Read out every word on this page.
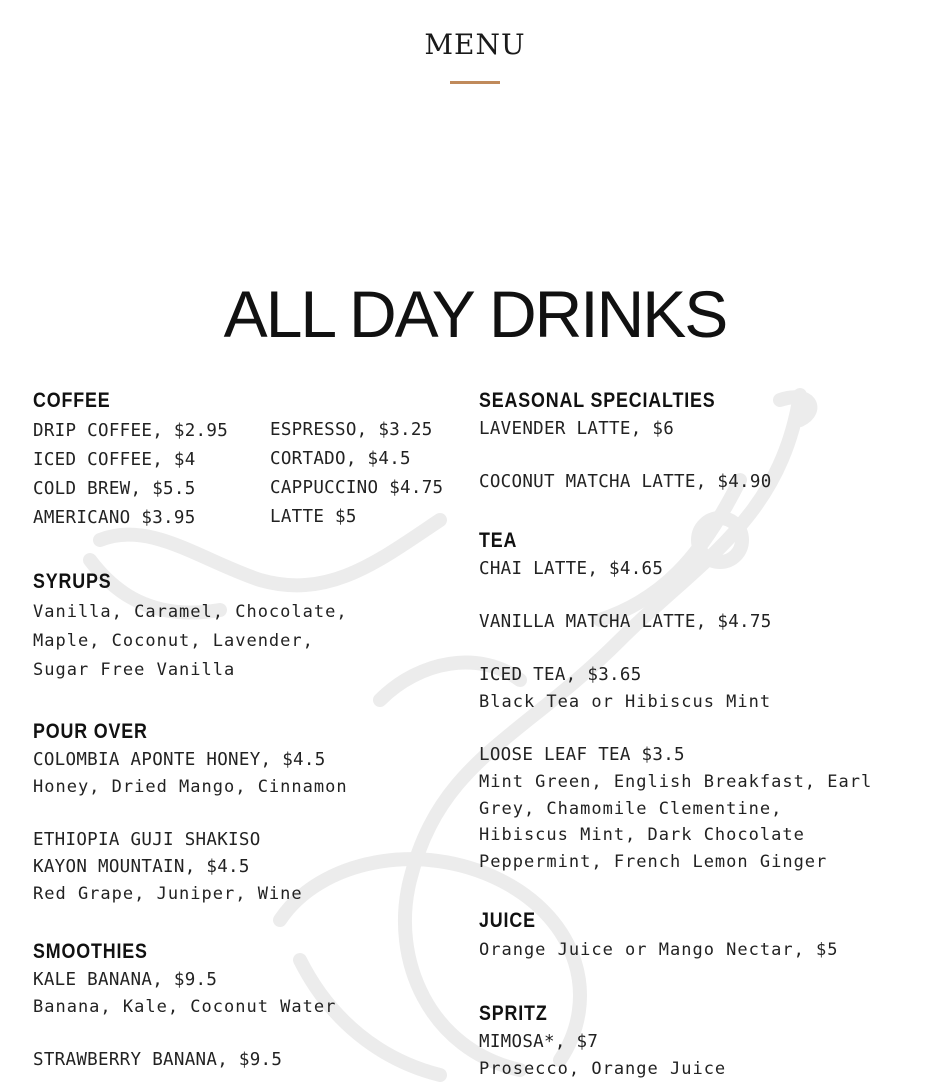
MENU
ALL DAY DRINKS
COFFEE
DRIP COFFEE, $2.95
ICED COFFEE, $4
COLD BREW, $5.5
AMERICANO $3.95
ESPRESSO, $3.25
CORTADO, $4.5
CAPPUCCINO $4.75
LATTE $5
SYRUPS
Vanilla, Caramel, Chocolate,
Maple, Coconut, Lavender,
Sugar Free Vanilla
POUR OVER
COLOMBIA APONTE HONEY, $4.5
Honey, Dried Mango, Cinnamon
ETHIOPIA GUJI SHAKISO
KAYON MOUNTAIN, $4.5
Red Grape, Juniper, Wine
SMOOTHIES
KALE BANANA, $9.5
Banana, Kale, Coconut Water
STRAWBERRY BANANA, $9.5
SEASONAL SPECIALTIES
LAVENDER LATTE, $6
COCONUT MATCHA LATTE, $4.90
TEA
CHAI LATTE, $4.65
VANILLA MATCHA LATTE, $4.75
ICED TEA, $3.65
Black Tea or Hibiscus Mint
LOOSE LEAF TEA $3.5
Mint Green, English Breakfast, Earl
Grey, Chamomile Clementine,
Hibiscus Mint, Dark Chocolate
Peppermint, French Lemon Ginger
JUICE
Orange Juice or Mango Nectar, $5
SPRITZ
MIMOSA*, $7
Prosecco, Orange Juice
